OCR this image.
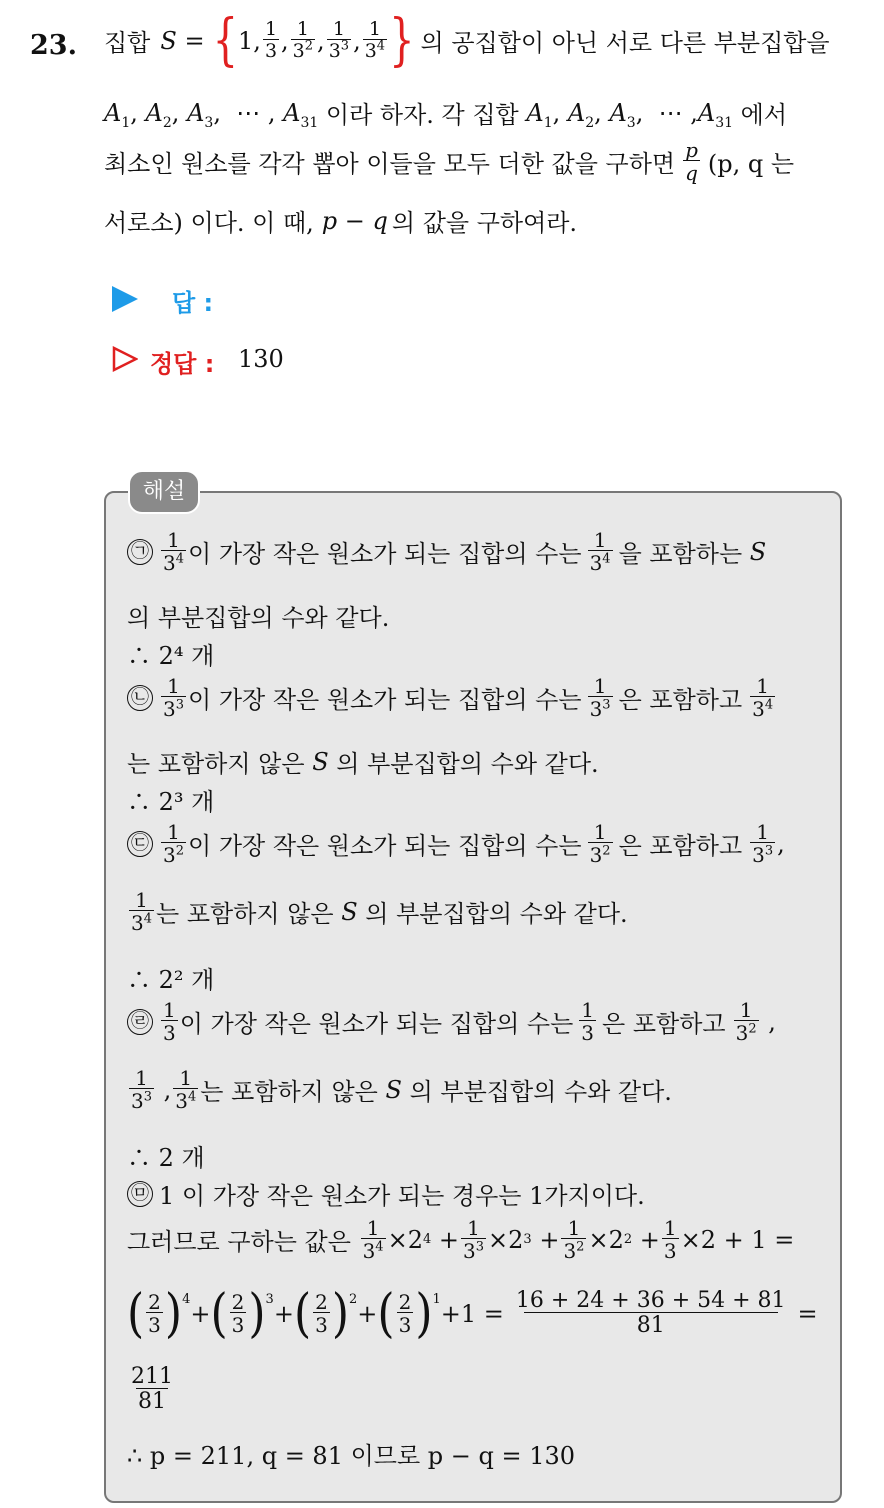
23. 집합 S = { 1, $\frac{1}{3}$ , $\frac{1}{3^2}$ , $\frac{1}{3^3}$ , $\frac{1}{3^4}$ } 의 공집합이 아닌 서로 다른 부분집합을
$A_1$, $A_2$, $A_3$,  ⋯ , $A_{31}$ 이라 하자. 각 집합 $A_1$, $A_2$, $A_3$,  ⋯ $,A_{31}$ 에서
최소인 원소를 각각 뽑아 이들을 모두 더한 값을 구하면 $\frac{p}{q} (p$, q 는
서로소) 이다. 이 때, p − q 의 값을 구하여라.
답 :
정답 : 130
해설
㉠ $\frac{1}{3^4}$ 이 가장 작은 원소가 되는 집합의 수는 $\frac{1}{3^4}$ 을 포함하는
S
의 부분집합의 수와 같다.
∴ 2⁴ 개
㉡ $\frac{1}{3^3}$ 이 가장 작은 원소가 되는 집합의 수는 $\frac{1}{3^3}$ 은 포함하고 $\frac{1}{3^4}$
는 포함하지 않은
S
의 부분집합의 수와 같다.
∴ 2³ 개
㉢ $\frac{1}{3^2}$ 이 가장 작은 원소가 되는 집합의 수는 $\frac{1}{3^2}$ 은 포함하고 $\frac{1}{3^3}$ ,
$\frac{1}{3^4}$ 는 포함하지 않은
S
의 부분집합의 수와 같다.
∴ 2² 개
㉣ $\frac{1}{3}$ 이 가장 작은 원소가 되는 집합의 수는 $\frac{1}{3}$ 은 포함하고 $\frac{1}{3^2}$ ,
$\frac{1}{3^3}$ , $\frac{1}{3^4}$ 는 포함하지 않은
S
의 부분집합의 수와 같다.
∴ 2 개
㉤ 1 이 가장 작은 원소가 되는 경우는 1가지이다.
그러므로 구하는 값은
$\frac{1}{3^4} \times 2$ $4 + \frac{1}{3^3} \times 2$ $3 + \frac{1}{3^2} \times 2$ $2 + \frac{1}{3} \times 2 + 1$ =
( $\frac{2}{3} )^4$
+ ( $\frac{2}{3} )^3$
+ ( $\frac{2}{3} )^2$
+ ( $\frac{2}{3} )^1$
$+1 = \frac{16 + 24 + 36 + 54 + 81}{81}$ =
$\frac{211}{81}$
∴ p = 211, q = 81 이므로 p − q = 130
